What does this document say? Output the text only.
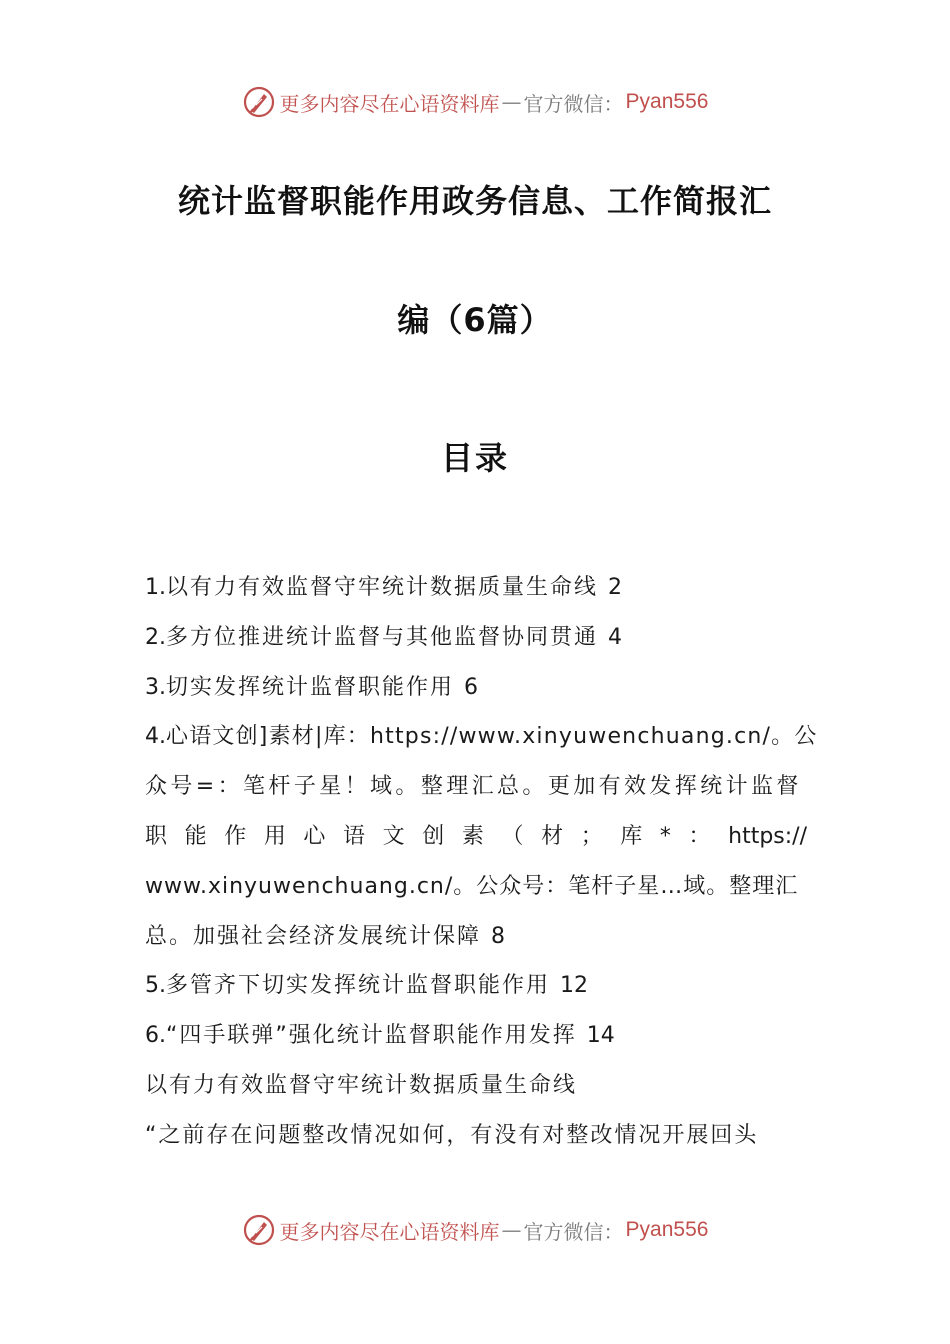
更多内容尽在心语资料库 — 官方微信： Pyan556
统计监督职能作用政务信息、工作简报汇
编（6篇）
目录

1.以有力有效监督守牢统计数据质量生命线 2

2.多方位推进统计监督与其他监督协同贯通 4

3.切实发挥统计监督职能作用 6

4.心语文创]素材|库：https://www.xinyuwenchuang.cn/。公

众号=：笔杆子星！域。整理汇总。更加有效发挥统计监督

职能作用心语文创素（材；库*：https://

www.xinyuwenchuang.cn/。公众号：笔杆子星…域。整理汇

总。加强社会经济发展统计保障 8

5.多管齐下切实发挥统计监督职能作用 12

6.“四手联弹”强化统计监督职能作用发挥 14

以有力有效监督守牢统计数据质量生命线

“之前存在问题整改情况如何，有没有对整改情况开展回头

更多内容尽在心语资料库 — 官方微信： Pyan556
